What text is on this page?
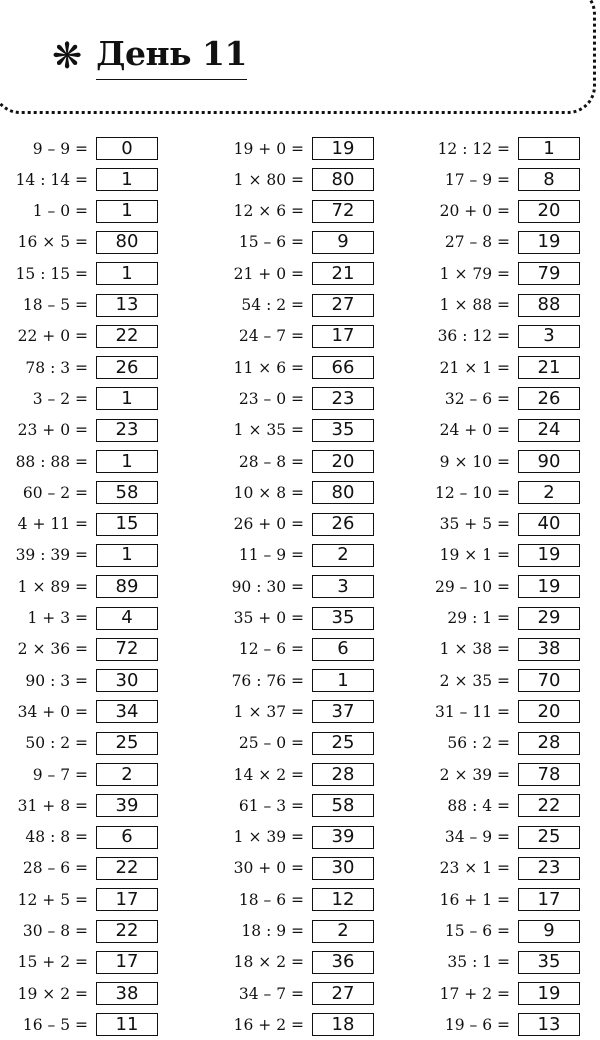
❋ День 11
9 – 9 =	0
14 : 14 =	1
1 – 0 =	1
16 × 5 =	80
15 : 15 =	1
18 – 5 =	13
22 + 0 =	22
78 : 3 =	26
3 – 2 =	1
23 + 0 =	23
88 : 88 =	1
60 – 2 =	58
4 + 11 =	15
39 : 39 =	1
1 × 89 =	89
1 + 3 =	4
2 × 36 =	72
90 : 3 =	30
34 + 0 =	34
50 : 2 =	25
9 – 7 =	2
31 + 8 =	39
48 : 8 =	6
28 – 6 =	22
12 + 5 =	17
30 – 8 =	22
15 + 2 =	17
19 × 2 =	38
16 – 5 =	11
19 + 0 =	19
1 × 80 =	80
12 × 6 =	72
15 – 6 =	9
21 + 0 =	21
54 : 2 =	27
24 – 7 =	17
11 × 6 =	66
23 – 0 =	23
1 × 35 =	35
28 – 8 =	20
10 × 8 =	80
26 + 0 =	26
11 – 9 =	2
90 : 30 =	3
35 + 0 =	35
12 – 6 =	6
76 : 76 =	1
1 × 37 =	37
25 – 0 =	25
14 × 2 =	28
61 – 3 =	58
1 × 39 =	39
30 + 0 =	30
18 – 6 =	12
18 : 9 =	2
18 × 2 =	36
34 – 7 =	27
16 + 2 =	18
12 : 12 =	1
17 – 9 =	8
20 + 0 =	20
27 – 8 =	19
1 × 79 =	79
1 × 88 =	88
36 : 12 =	3
21 × 1 =	21
32 – 6 =	26
24 + 0 =	24
9 × 10 =	90
12 – 10 =	2
35 + 5 =	40
19 × 1 =	19
29 – 10 =	19
29 : 1 =	29
1 × 38 =	38
2 × 35 =	70
31 – 11 =	20
56 : 2 =	28
2 × 39 =	78
88 : 4 =	22
34 – 9 =	25
23 × 1 =	23
16 + 1 =	17
15 – 6 =	9
35 : 1 =	35
17 + 2 =	19
19 – 6 =	13
